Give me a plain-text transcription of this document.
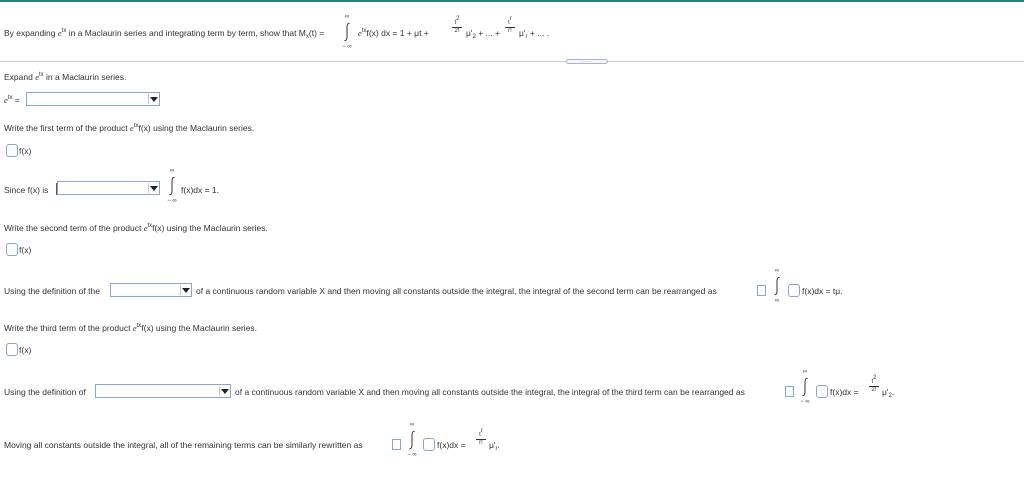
By expanding $e^{tx}$ in a Maclaurin series and integrating term by term, show that $M_x(t)$ =
∞
− ∞
$e^{tx}f(x)$ dx = 1 + μt +	$\frac{t^2}{2!} \mu'_2$ + ... + $\frac{t^r}{r!} \mu'_r$ + ... .
.....
Expand $e^{tx}$ in a Maclaurin series.
$e^{tx}$ =
Write the first term of the product $e^{tx}f(x)$ using the Maclaurin series.
f(x)
Since f(x) is
∞
− ∞
f(x)dx = 1.
Write the second term of the product $e^{tx}f(x)$ using the Maclaurin series.
f(x)
Using the definition of the	of a continuous random variable X and then moving all constants outside the integral, the integral of the second term can be rearranged as
∞
∞
f(x)dx = tμ.
Write the third term of the product $e^{tx}f(x)$ using the Maclaurin series.
f(x)
Using the definition of	of a continuous random variable X and then moving all constants outside the integral, the integral of the third term can be rearranged as
∞
− ∞
$f(x)dx = \frac{t^2}{2!} \mu'_2$.
Moving all constants outside the integral, all of the remaining terms can be similarly rewritten as
∞
− ∞
$f(x)dx = \frac{t^r}{r!} \mu'_r$.
